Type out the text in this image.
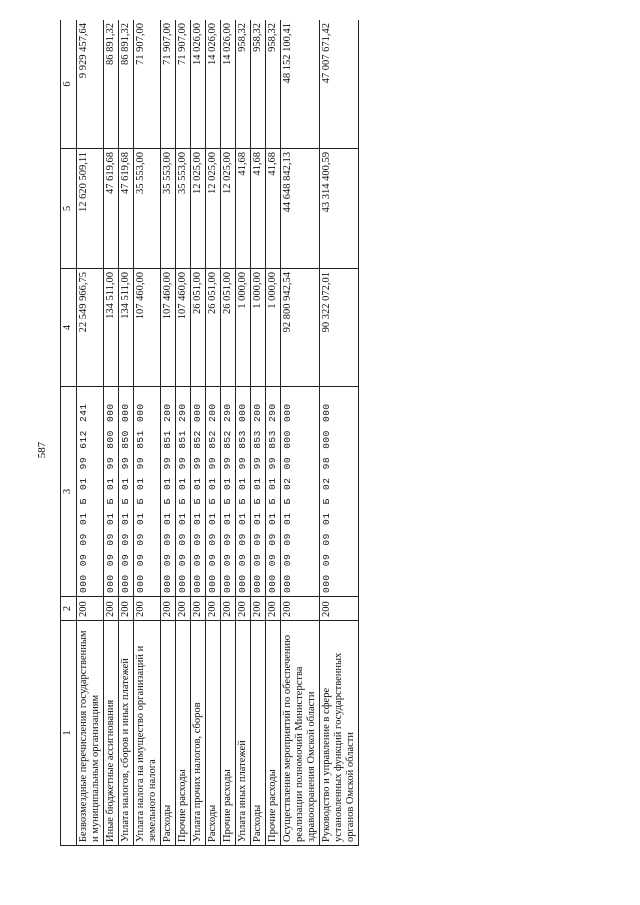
587
1	2	3	4	5	6
Безвозмездные перечисления государственным и муниципальным организациям	200	000 09 09 01 Б 01 99 612 241	22 549 966,75	12 620 509,11	9 929 457,64
Иные бюджетные ассигнования	200	000 09 09 01 Б 01 99 800 000	134 511,00	47 619,68	86 891,32
Уплата налогов, сборов и иных платежей	200	000 09 09 01 Б 01 99 850 000	134 511,00	47 619,68	86 891,32
Уплата налога на имущество организаций и земельного налога	200	000 09 09 01 Б 01 99 851 000	107 460,00	35 553,00	71 907,00
Расходы	200	000 09 09 01 Б 01 99 851 200	107 460,00	35 553,00	71 907,00
Прочие расходы	200	000 09 09 01 Б 01 99 851 290	107 460,00	35 553,00	71 907,00
Уплата прочих налогов, сборов	200	000 09 09 01 Б 01 99 852 000	26 051,00	12 025,00	14 026,00
Расходы	200	000 09 09 01 Б 01 99 852 200	26 051,00	12 025,00	14 026,00
Прочие расходы	200	000 09 09 01 Б 01 99 852 290	26 051,00	12 025,00	14 026,00
Уплата иных платежей	200	000 09 09 01 Б 01 99 853 000	1 000,00	41,68	958,32
Расходы	200	000 09 09 01 Б 01 99 853 200	1 000,00	41,68	958,32
Прочие расходы	200	000 09 09 01 Б 01 99 853 290	1 000,00	41,68	958,32
Осуществление мероприятий по обеспечению реализации полномочий Министерства здравоохранения Омской области	200	000 09 09 01 Б 02 00 000 000	92 800 942,54	44 648 842,13	48 152 100,41
Руководство и управление в сфере установленных функций государственных органов Омской области	200	000 09 09 01 Б 02 98 000 000	90 322 072,01	43 314 400,59	47 007 671,42
